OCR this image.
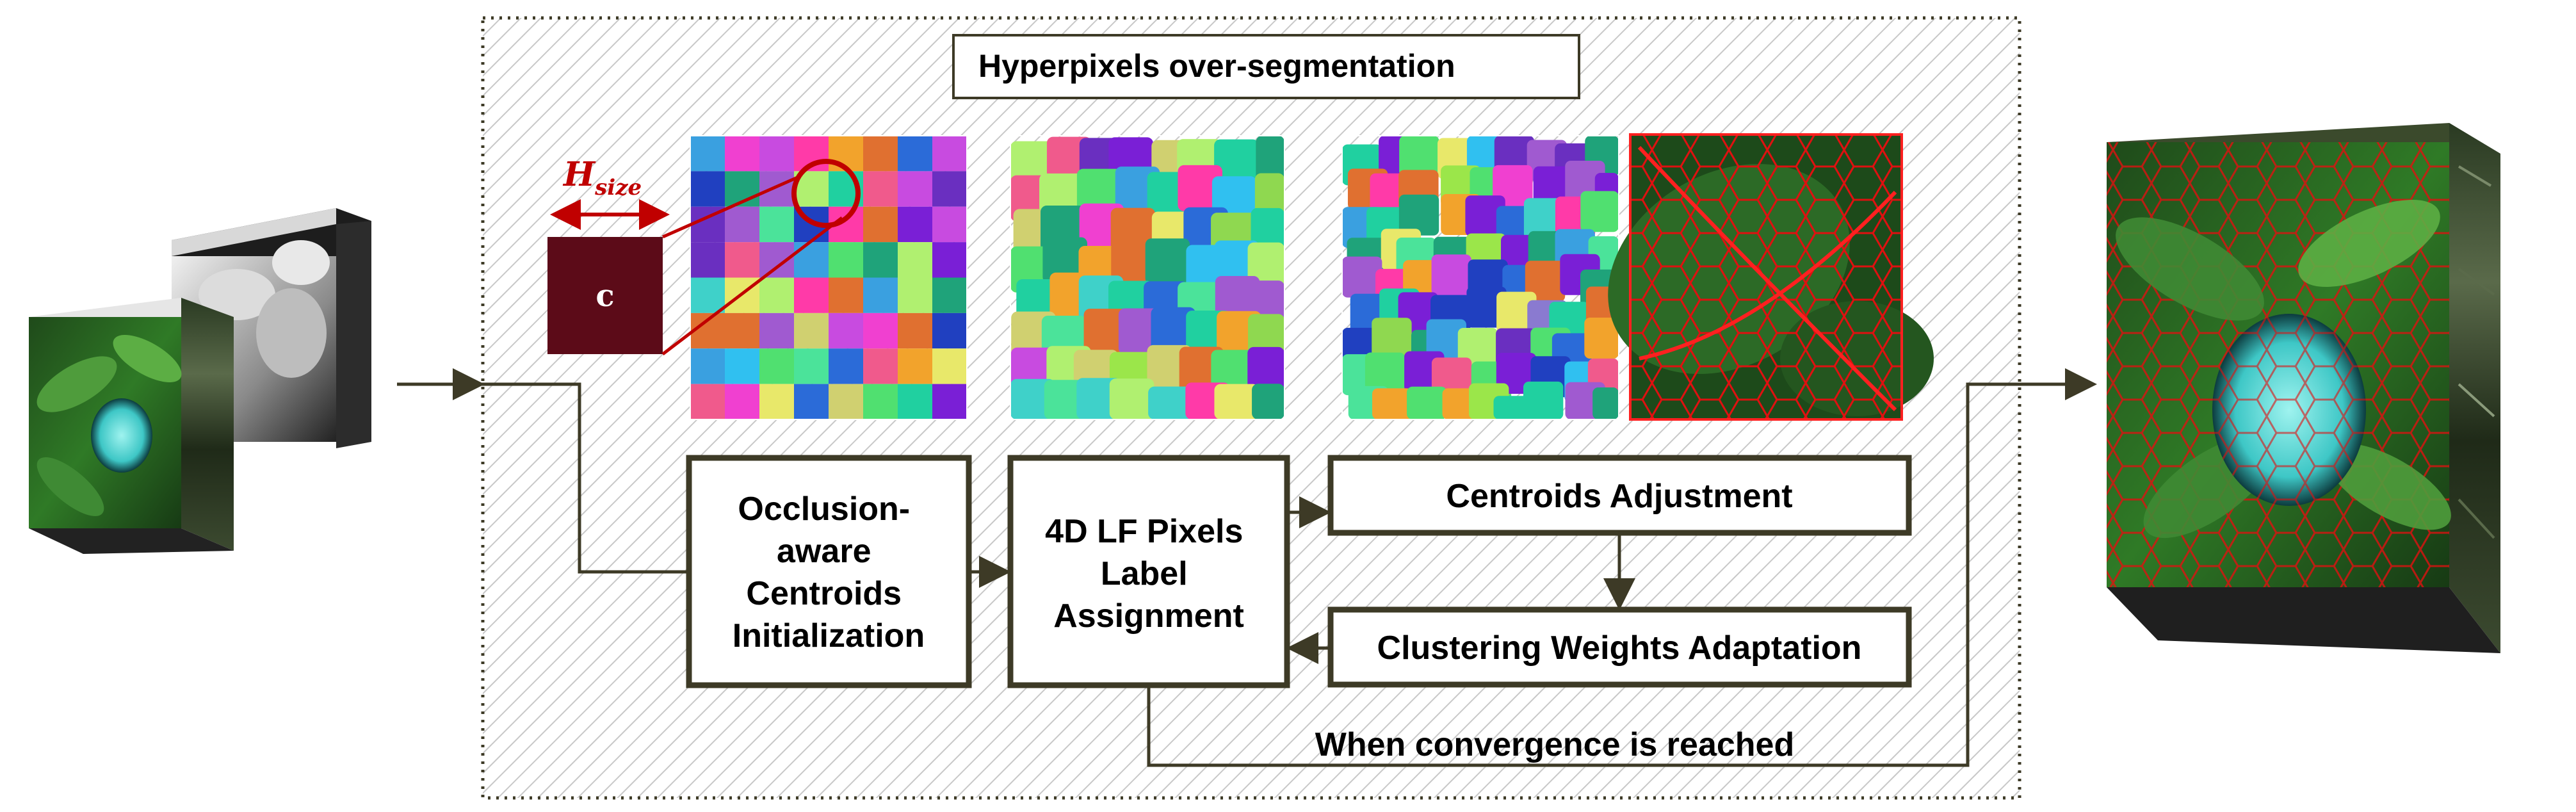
Hyperpixels over-segmentation
$H_{size}$
c
Occlusion- aware Centroids Initialization
4D LF Pixels Label Assignment
Centroids Adjustment
Clustering Weights Adaptation
When convergence is reached
